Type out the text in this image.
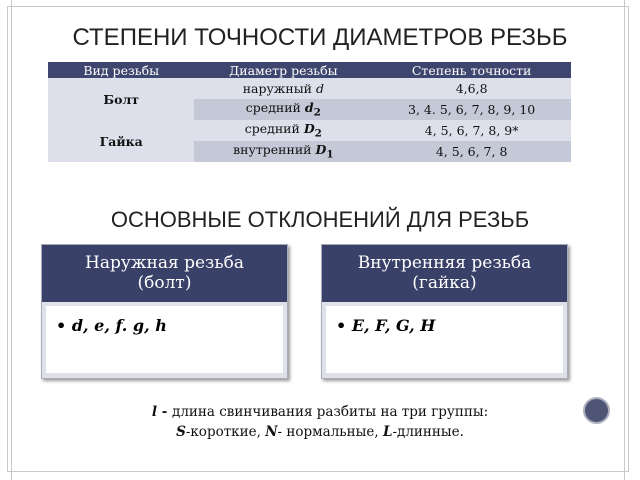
СТЕПЕНИ ТОЧНОСТИ ДИАМЕТРОВ РЕЗЬБ
Вид резьбы	Диаметр резьбы	Степень точности
Болт	наружный d	4,6,8
	средний $d_2$	3, 4. 5, 6, 7, 8, 9, 10
Гайка	средний $D_2$	4, 5, 6, 7, 8, 9*
	внутренний $D_1$	4, 5, 6, 7, 8
ОСНОВНЫЕ ОТКЛОНЕНИЙ ДЛЯ РЕЗЬБ
Наружная резьба
(болт)
• d, e, f. g, h
Внутренняя резьба
(гайка)
• E, F, G, H
l - длина свинчивания разбиты на три группы:
S-короткие, N- нормальные, L-длинные.
